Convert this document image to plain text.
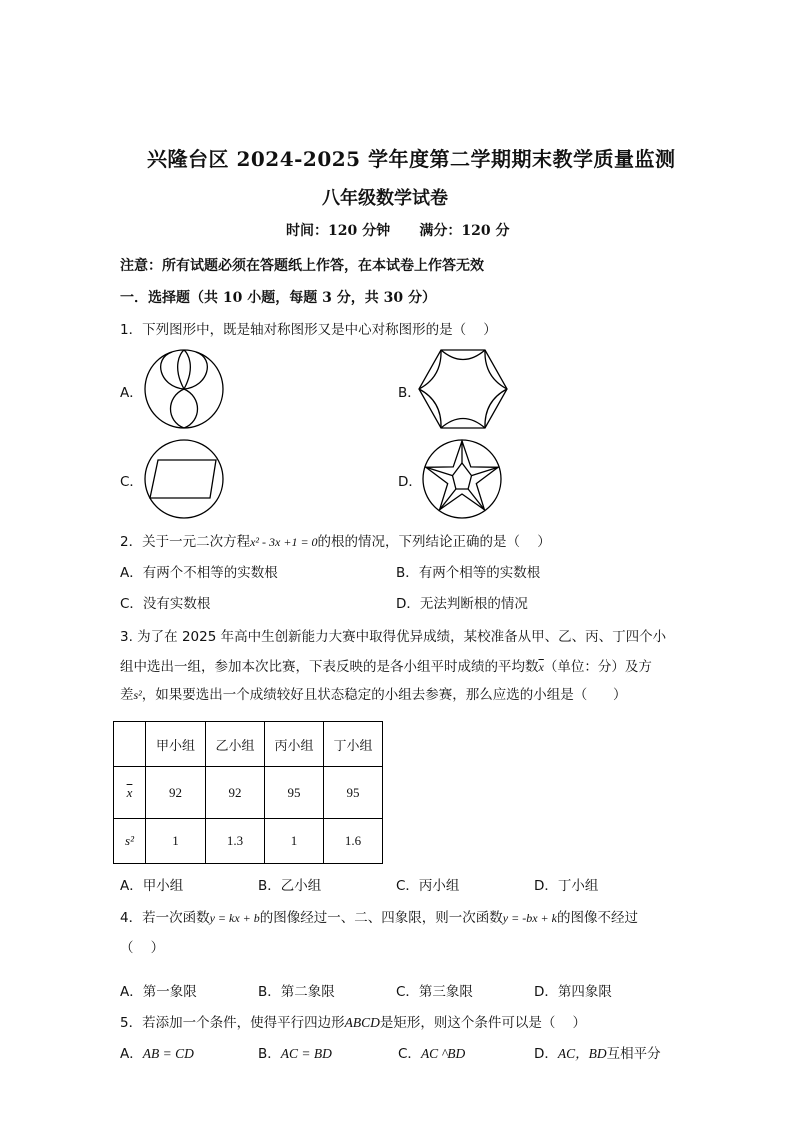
兴隆台区 2024-2025 学年度第二学期期末教学质量监测
八年级数学试卷
时间：120 分钟      满分：120 分
注意：所有试题必须在答题纸上作答，在本试卷上作答无效
一．选择题（共 10 小题，每题 3 分，共 30 分）
1．下列图形中，既是轴对称图形又是中心对称图形的是（    ）
A．	B．
C．	D．
2．关于一元二次方程x² - 3x +1 = 0的根的情况，下列结论正确的是（    ）
A．有两个不相等的实数根	B．有两个相等的实数根
C．没有实数根	D．无法判断根的情况
3. 为了在 2025 年高中生创新能力大赛中取得优异成绩，某校准备从甲、乙、丙、丁四个小
组中选出一组，参加本次比赛，下表反映的是各小组平时成绩的平均数$\overline{x}$（单位：分）及方
差s²，如果要选出一个成绩较好且状态稳定的小组去参赛，那么应选的小组是（      ）
	甲小组	乙小组	丙小组	丁小组
$\overline{x}$	92	92	95	95
s²	1	1.3	1	1.6
A．甲小组	B．乙小组	C．丙小组	D．丁小组
4．若一次函数y = kx + b的图像经过一、二、四象限，则一次函数y = -bx + k的图像不经过
（    ）
A．第一象限	B．第二象限	C．第三象限	D．第四象限
5．若添加一个条件，使得平行四边形ABCD是矩形，则这个条件可以是（    ）
A．AB = CD	B．AC = BD	C．AC ^BD	D．AC，BD互相平分
